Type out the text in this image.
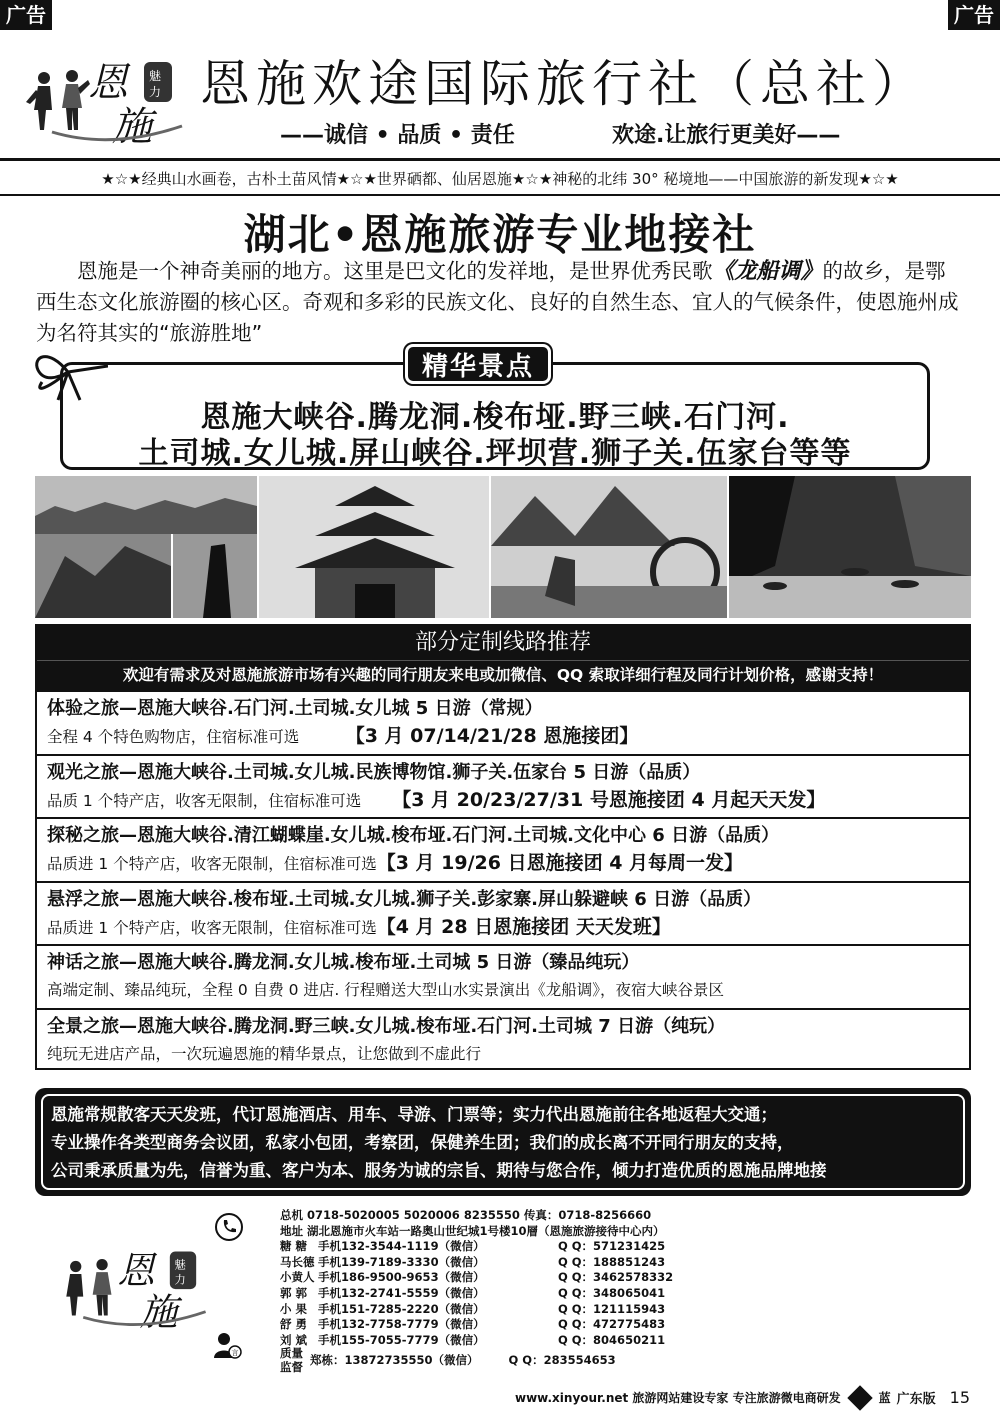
广告	广告
恩
施
魅
力 恩施欢途国际旅行社（总社）
——诚信 • 品质 • 责任	欢途.让旅行更美好——
★☆★经典山水画卷，古朴土苗风情★☆★世界硒都、仙居恩施★☆★神秘的北纬 30° 秘境地——中国旅游的新发现★☆★
湖北•恩施旅游专业地接社

恩施是一个神奇美丽的地方。这里是巴文化的发祥地，是世界优秀民歌《龙船调》的故乡，是鄂西生态文化旅游圈的核心区。奇观和多彩的民族文化、良好的自然生态、宜人的气候条件，使恩施州成为名符其实的“旅游胜地”

精华景点
恩施大峡谷.腾龙洞.梭布垭.野三峡.石门河.
土司城.女儿城.屏山峡谷.坪坝营.狮子关.伍家台等等
部分定制线路推荐
欢迎有需求及对恩施旅游市场有兴趣的同行朋友来电或加微信、QQ 索取详细行程及同行计划价格，感谢支持！
体验之旅—恩施大峡谷.石门河.土司城.女儿城 5 日游（常规）
全程 4 个特色购物店，住宿标准可选    【3 月 07/14/21/28 恩施接团】
观光之旅—恩施大峡谷.土司城.女儿城.民族博物馆.狮子关.伍家台 5 日游（品质）
品质 1 个特产店，收客无限制，住宿标准可选   【3 月 20/23/27/31 号恩施接团 4 月起天天发】
探秘之旅—恩施大峡谷.清江蝴蝶崖.女儿城.梭布垭.石门河.土司城.文化中心 6 日游（品质）
品质进 1 个特产店，收客无限制，住宿标准可选【3 月 19/26 日恩施接团 4 月每周一发】
悬浮之旅—恩施大峡谷.梭布垭.土司城.女儿城.狮子关.彭家寨.屏山躲避峡 6 日游（品质）
品质进 1 个特产店，收客无限制，住宿标准可选【4 月 28 日恩施接团 天天发班】
神话之旅—恩施大峡谷.腾龙洞.女儿城.梭布垭.土司城 5 日游（臻品纯玩）
高端定制、臻品纯玩，全程 0 自费 0 进店. 行程赠送大型山水实景演出《龙船调》，夜宿大峡谷景区
全景之旅—恩施大峡谷.腾龙洞.野三峡.女儿城.梭布垭.石门河.土司城 7 日游（纯玩）
纯玩无进店产品，一次玩遍恩施的精华景点，让您做到不虚此行
恩施常规散客天天发班，代订恩施酒店、用车、导游、门票等；实力代出恩施前往各地返程大交通；
专业操作各类型商务会议团，私家小包团，考察团，保健养生团；我们的成长离不开同行朋友的支持，
公司秉承质量为先，信誉为重、客户为本、服务为诚的宗旨、期待与您合作，倾力打造优质的恩施品牌地接
恩
施
魅
力
言
总机 0718-5020005 5020006 8235550 传真：0718-8256660
地址 湖北恩施市火车站一路奥山世纪城1号楼10層（恩施旅游接待中心内）
糖 糖 手机132-3544-1119（微信）	Q Q：571231425
马长德 手机139-7189-3330（微信）	Q Q：188851243
小黄人 手机186-9500-9653（微信）	Q Q：3462578332
郭 郭 手机132-2741-5559（微信）	Q Q：348065041
小 果 手机151-7285-2220（微信）	Q Q：121115943
舒 勇 手机132-7758-7779（微信）	Q Q：472775483
刘 斌 手机155-7055-7779（微信）	Q Q：804650211
质量监督 郑栋：13872735550（微信）	Q Q：283554653
www.xinyour.net 旅游网站建设专家 专注旅游微电商研发	蓝 广东版 15
